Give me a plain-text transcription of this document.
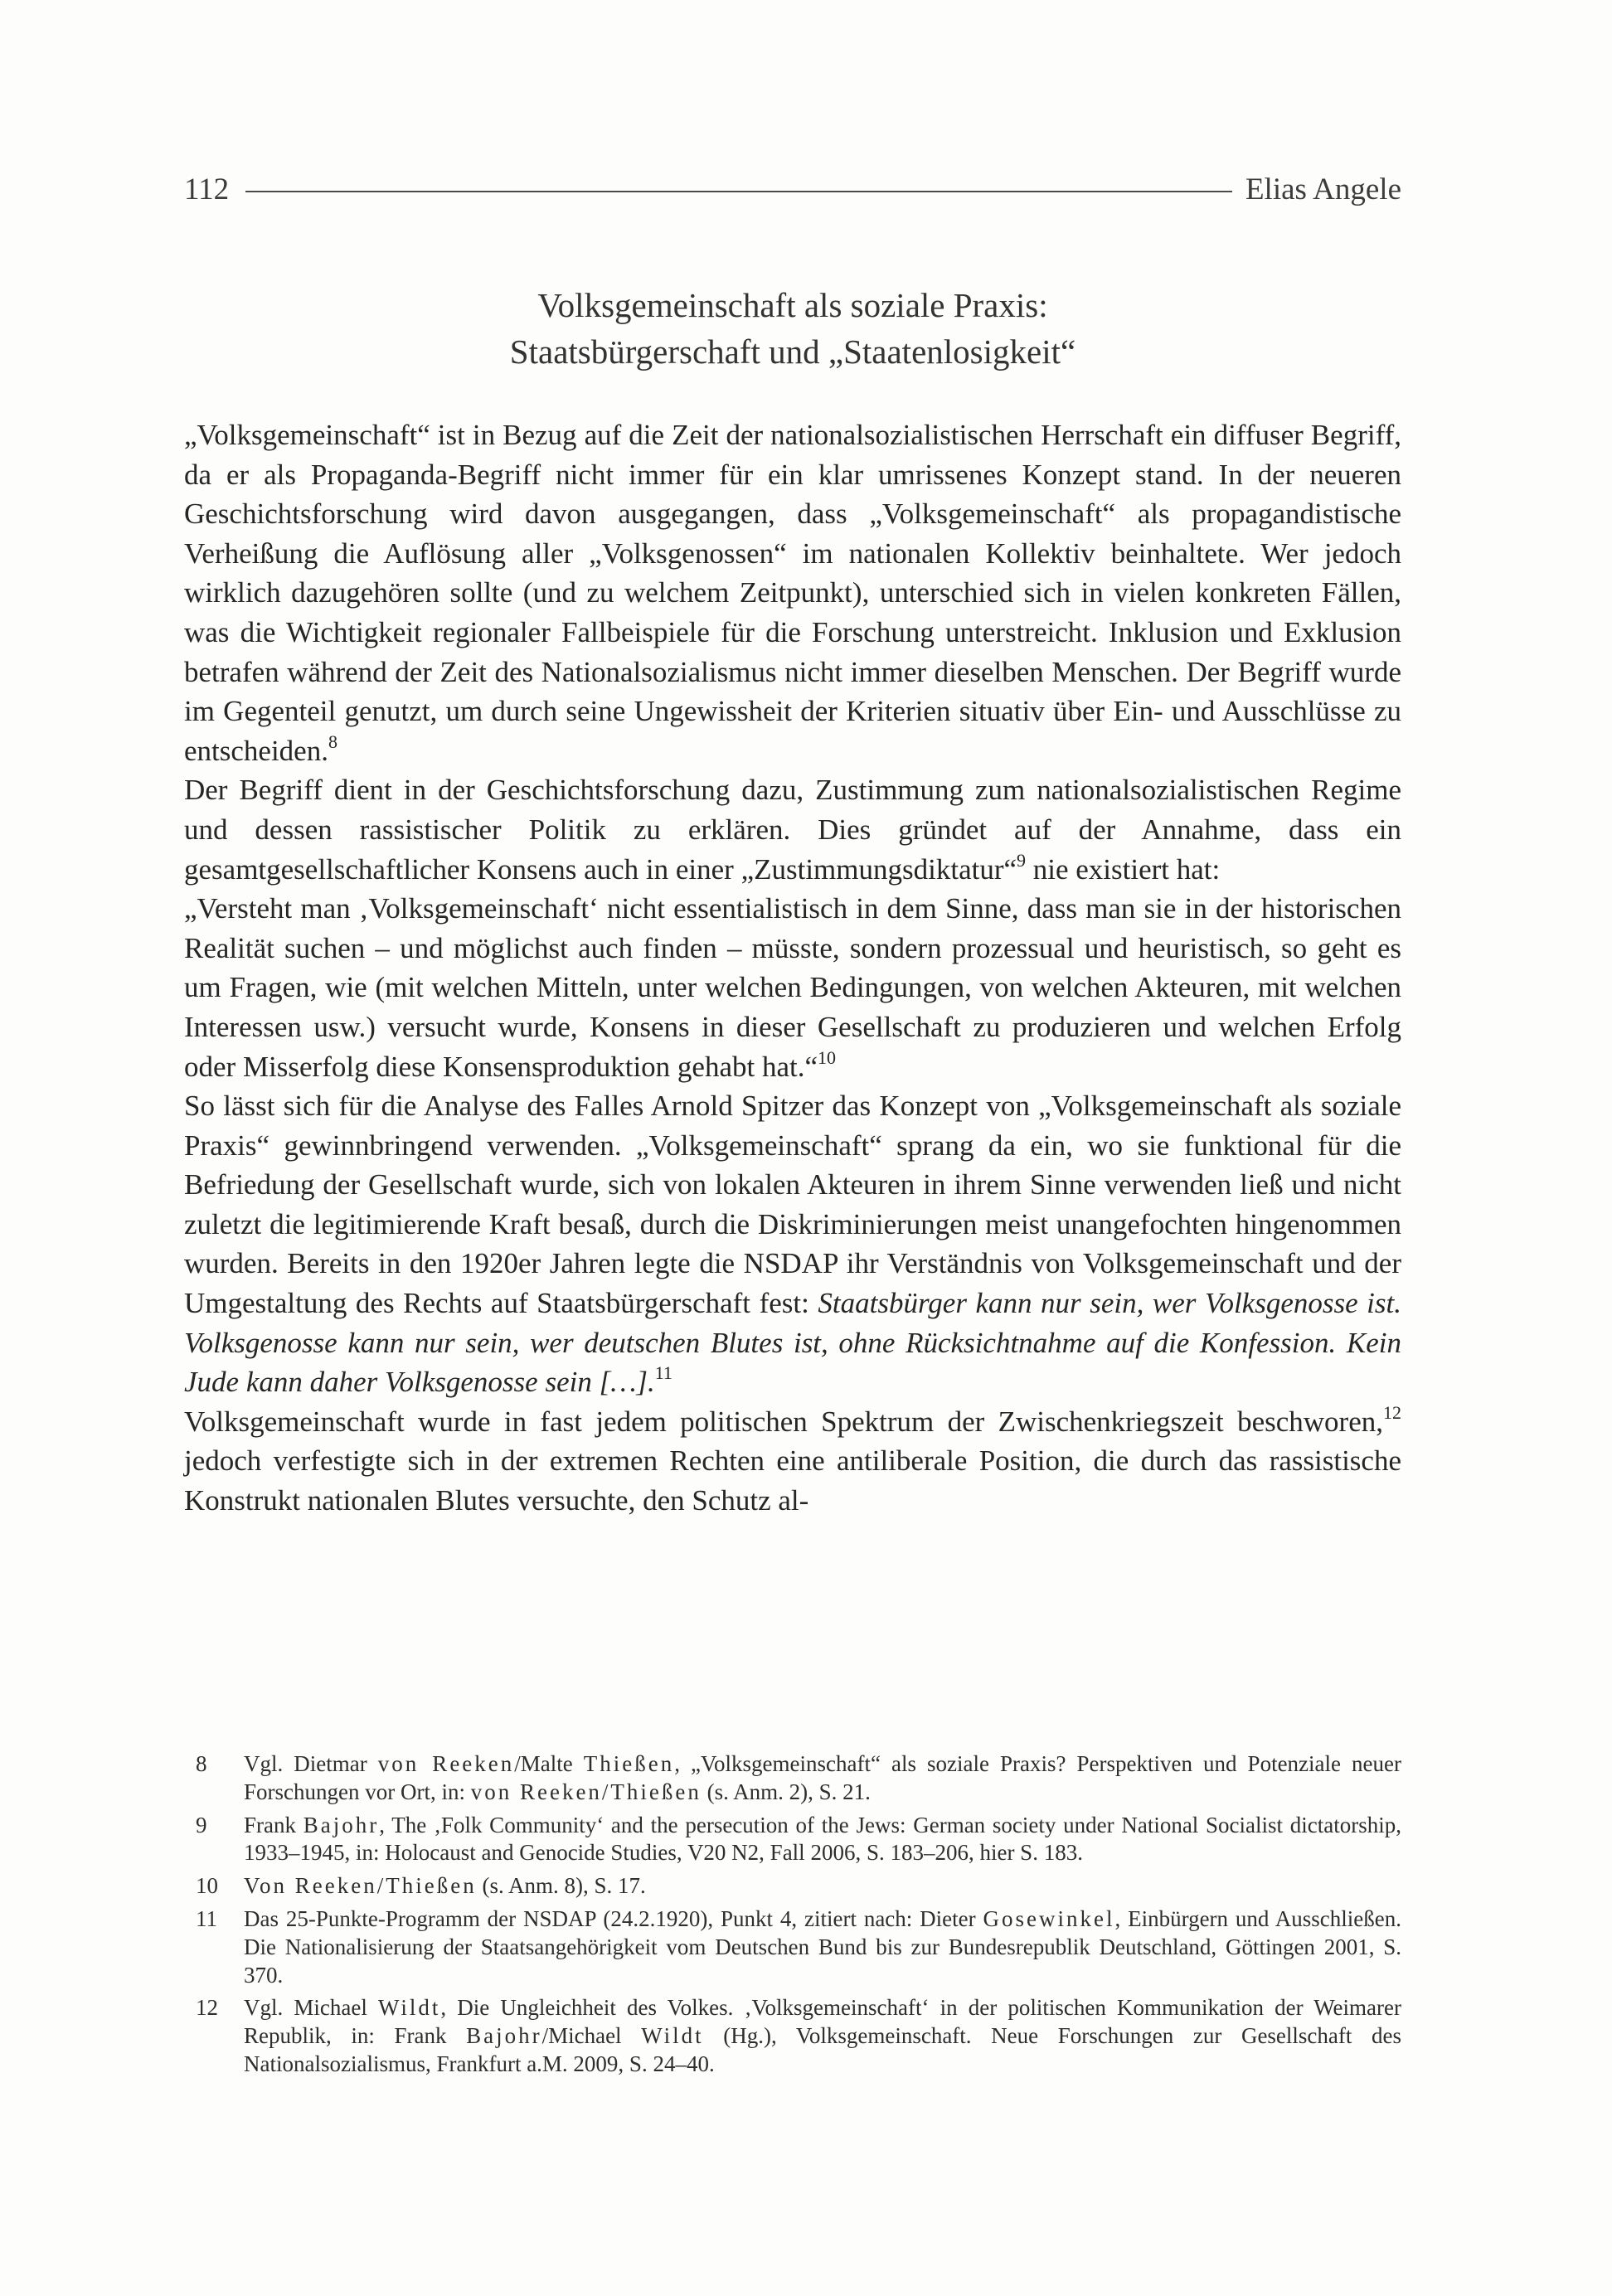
112	Elias Angele
Volksgemeinschaft als soziale Praxis:
Staatsbürgerschaft und „Staatenlosigkeit“

„Volksgemeinschaft“ ist in Bezug auf die Zeit der nationalsozialistischen Herrschaft ein diffuser Begriff, da er als Propaganda-Begriff nicht immer für ein klar umrissenes Konzept stand. In der neueren Geschichtsforschung wird davon ausgegangen, dass „Volksgemeinschaft“ als propagandistische Verheißung die Auflösung aller „Volksgenossen“ im nationalen Kollektiv beinhaltete. Wer jedoch wirklich dazugehören sollte (und zu welchem Zeitpunkt), unterschied sich in vielen konkreten Fällen, was die Wichtigkeit regionaler Fallbeispiele für die Forschung unterstreicht. Inklusion und Exklusion betrafen während der Zeit des Nationalsozialismus nicht immer dieselben Menschen. Der Begriff wurde im Gegenteil genutzt, um durch seine Ungewissheit der Kriterien situativ über Ein- und Ausschlüsse zu entscheiden.$^8$

Der Begriff dient in der Geschichtsforschung dazu, Zustimmung zum nationalsozialistischen Regime und dessen rassistischer Politik zu erklären. Dies gründet auf der Annahme, dass ein gesamtgesellschaftlicher Konsens auch in einer „Zustimmungsdiktatur“$^9$ nie existiert hat:

„Versteht man ‚Volksgemeinschaft‘ nicht essentialistisch in dem Sinne, dass man sie in der historischen Realität suchen – und möglichst auch finden – müsste, sondern prozessual und heuristisch, so geht es um Fragen, wie (mit welchen Mitteln, unter welchen Bedingungen, von welchen Akteuren, mit welchen Interessen usw.) versucht wurde, Konsens in dieser Gesellschaft zu produzieren und welchen Erfolg oder Misserfolg diese Konsensproduktion gehabt hat.“$^{10}$

So lässt sich für die Analyse des Falles Arnold Spitzer das Konzept von „Volksgemeinschaft als soziale Praxis“ gewinnbringend verwenden. „Volksgemeinschaft“ sprang da ein, wo sie funktional für die Befriedung der Gesellschaft wurde, sich von lokalen Akteuren in ihrem Sinne verwenden ließ und nicht zuletzt die legitimierende Kraft besaß, durch die Diskriminierungen meist unangefochten hingenommen wurden. Bereits in den 1920er Jahren legte die NSDAP ihr Verständnis von Volksgemeinschaft und der Umgestaltung des Rechts auf Staatsbürgerschaft fest: Staatsbürger kann nur sein, wer Volksgenosse ist. Volksgenosse kann nur sein, wer deutschen Blutes ist, ohne Rücksichtnahme auf die Konfession. Kein Jude kann daher Volksgenosse sein […].$^{11}$

Volksgemeinschaft wurde in fast jedem politischen Spektrum der Zwischenkriegszeit beschworen,$^{12}$ jedoch verfestigte sich in der extremen Rechten eine antiliberale Position, die durch das rassistische Konstrukt nationalen Blutes versuchte, den Schutz al-

8	Vgl. Dietmar von Reeken/Malte Thießen, „Volksgemeinschaft“ als soziale Praxis? Perspektiven und Potenziale neuer Forschungen vor Ort, in: von Reeken/Thießen (s. Anm. 2), S. 21.
9	Frank Bajohr, The ‚Folk Community‘ and the persecution of the Jews: German society under National Socialist dictatorship, 1933–1945, in: Holocaust and Genocide Studies, V20 N2, Fall 2006, S. 183–206, hier S. 183.
10	Von Reeken/Thießen (s. Anm. 8), S. 17.
11	Das 25-Punkte-Programm der NSDAP (24.2.1920), Punkt 4, zitiert nach: Dieter Gosewinkel, Einbürgern und Ausschließen. Die Nationalisierung der Staatsangehörigkeit vom Deutschen Bund bis zur Bundesrepublik Deutschland, Göttingen 2001, S. 370.
12	Vgl. Michael Wildt, Die Ungleichheit des Volkes. ‚Volksgemeinschaft‘ in der politischen Kommunikation der Weimarer Republik, in: Frank Bajohr/Michael Wildt (Hg.), Volksgemeinschaft. Neue Forschungen zur Gesellschaft des Nationalsozialismus, Frankfurt a.M. 2009, S. 24–40.
